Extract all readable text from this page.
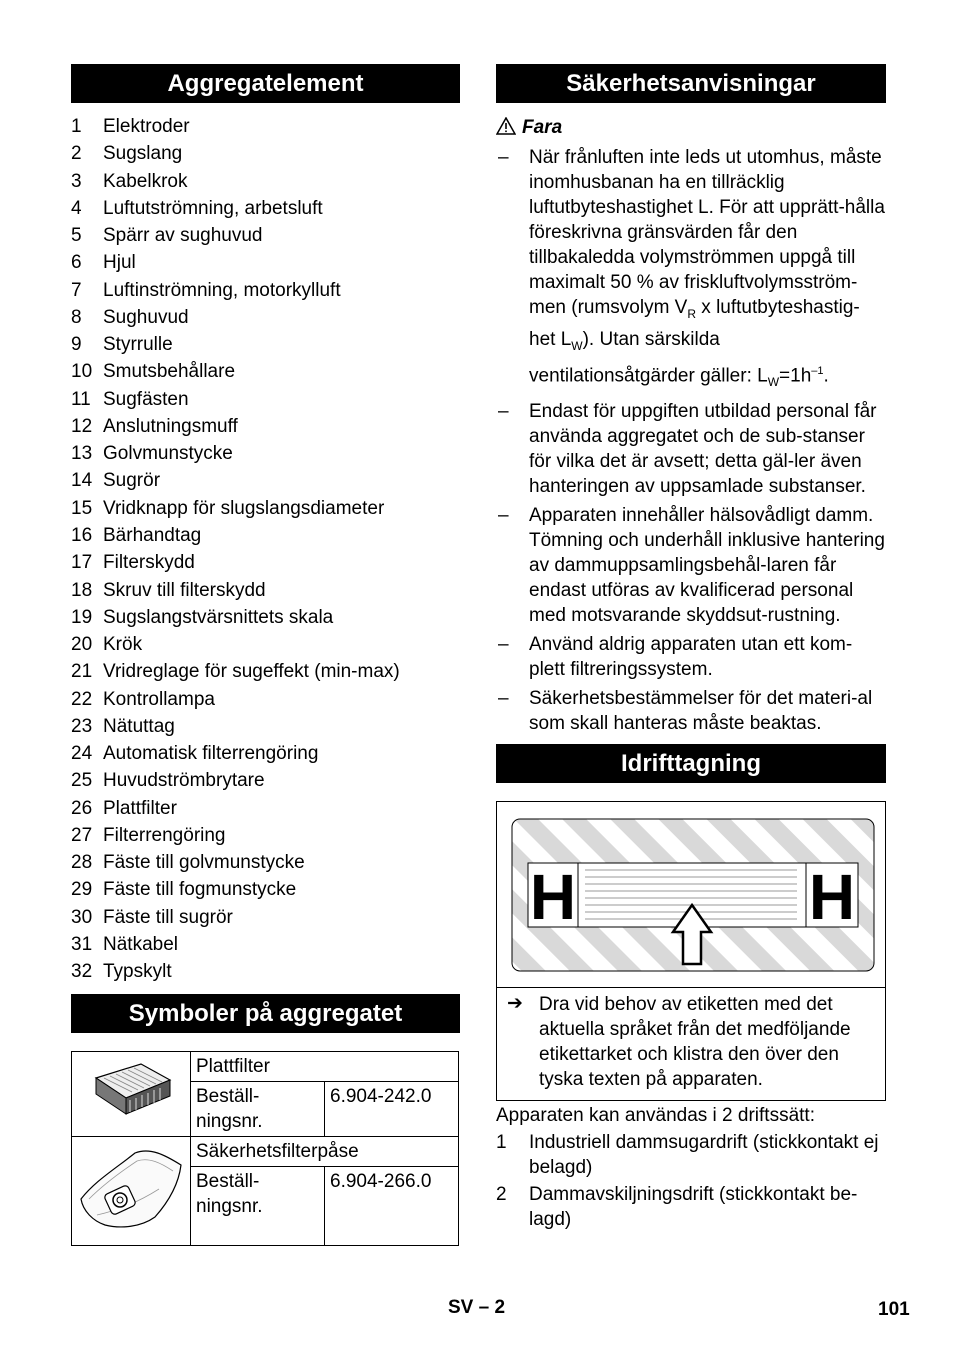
Aggregatelement
1 Elektroder
2 Sugslang
3 Kabelkrok
4 Luftutströmning, arbetsluft
5 Spärr av sughuvud
6 Hjul
7 Luftinströmning, motorkylluft
8 Sughuvud
9 Styrrulle
10 Smutsbehållare
11 Sugfästen
12 Anslutningsmuff
13 Golvmunstycke
14 Sugrör
15 Vridknapp för slugslangsdiameter
16 Bärhandtag
17 Filterskydd
18 Skruv till filterskydd
19 Sugslangstvärsnittets skala
20 Krök
21 Vridreglage för sugeffekt (min-max)
22 Kontrollampa
23 Nätuttag
24 Automatisk filterrengöring
25 Huvudströmbrytare
26 Plattfilter
27 Filterrengöring
28 Fäste till golvmunstycke
29 Fäste till fogmunstycke
30 Fäste till sugrör
31 Nätkabel
32 Typskylt
Symboler på aggregatet
	Plattfilter	
	Beställ-ningsnr.	6.904-242.0
	Säkerhetsfilterpåse	
	Beställ-ningsnr.	6.904-266.0
Säkerhetsanvisningar
Fara
– När frånluften inte leds ut utomhus, måste inomhusbanan ha en tillräcklig luftutbyteshastighet L. För att upprätt-hålla föreskrivna gränsvärden får den tillbakaledda volymströmmen uppgå till maximalt 50 % av friskluftvolymsström-men (rumsvolym $V_R$ x luftutbyteshastig-het $L_W$). Utan särskilda ventilationsåtgärder gäller: $L_W=1h^{-1}$.
– Endast för uppgiften utbildad personal får använda aggregatet och de sub-stanser för vilka det är avsett; detta gäl-ler även hanteringen av uppsamlade substanser.
– Apparaten innehåller hälsovådligt damm. Tömning och underhåll inklusive hantering av dammuppsamlingsbehål-laren får endast utföras av kvalificerad personal med motsvarande skyddsut-rustning.
– Använd aldrig apparaten utan ett kom-plett filtreringssystem.
– Säkerhetsbestämmelser för det materi-al som skall hanteras måste beaktas.
Idrifttagning
H	H
➔ Dra vid behov av etiketten med det aktuella språket från det medföljande etikettarket och klistra den över den tyska texten på apparaten.
Apparaten kan användas i 2 driftssätt:
1 Industriell dammsugardrift (stickkontakt ej belagd)
2 Dammavskiljningsdrift (stickkontakt be-lagd)
SV – 2	101
